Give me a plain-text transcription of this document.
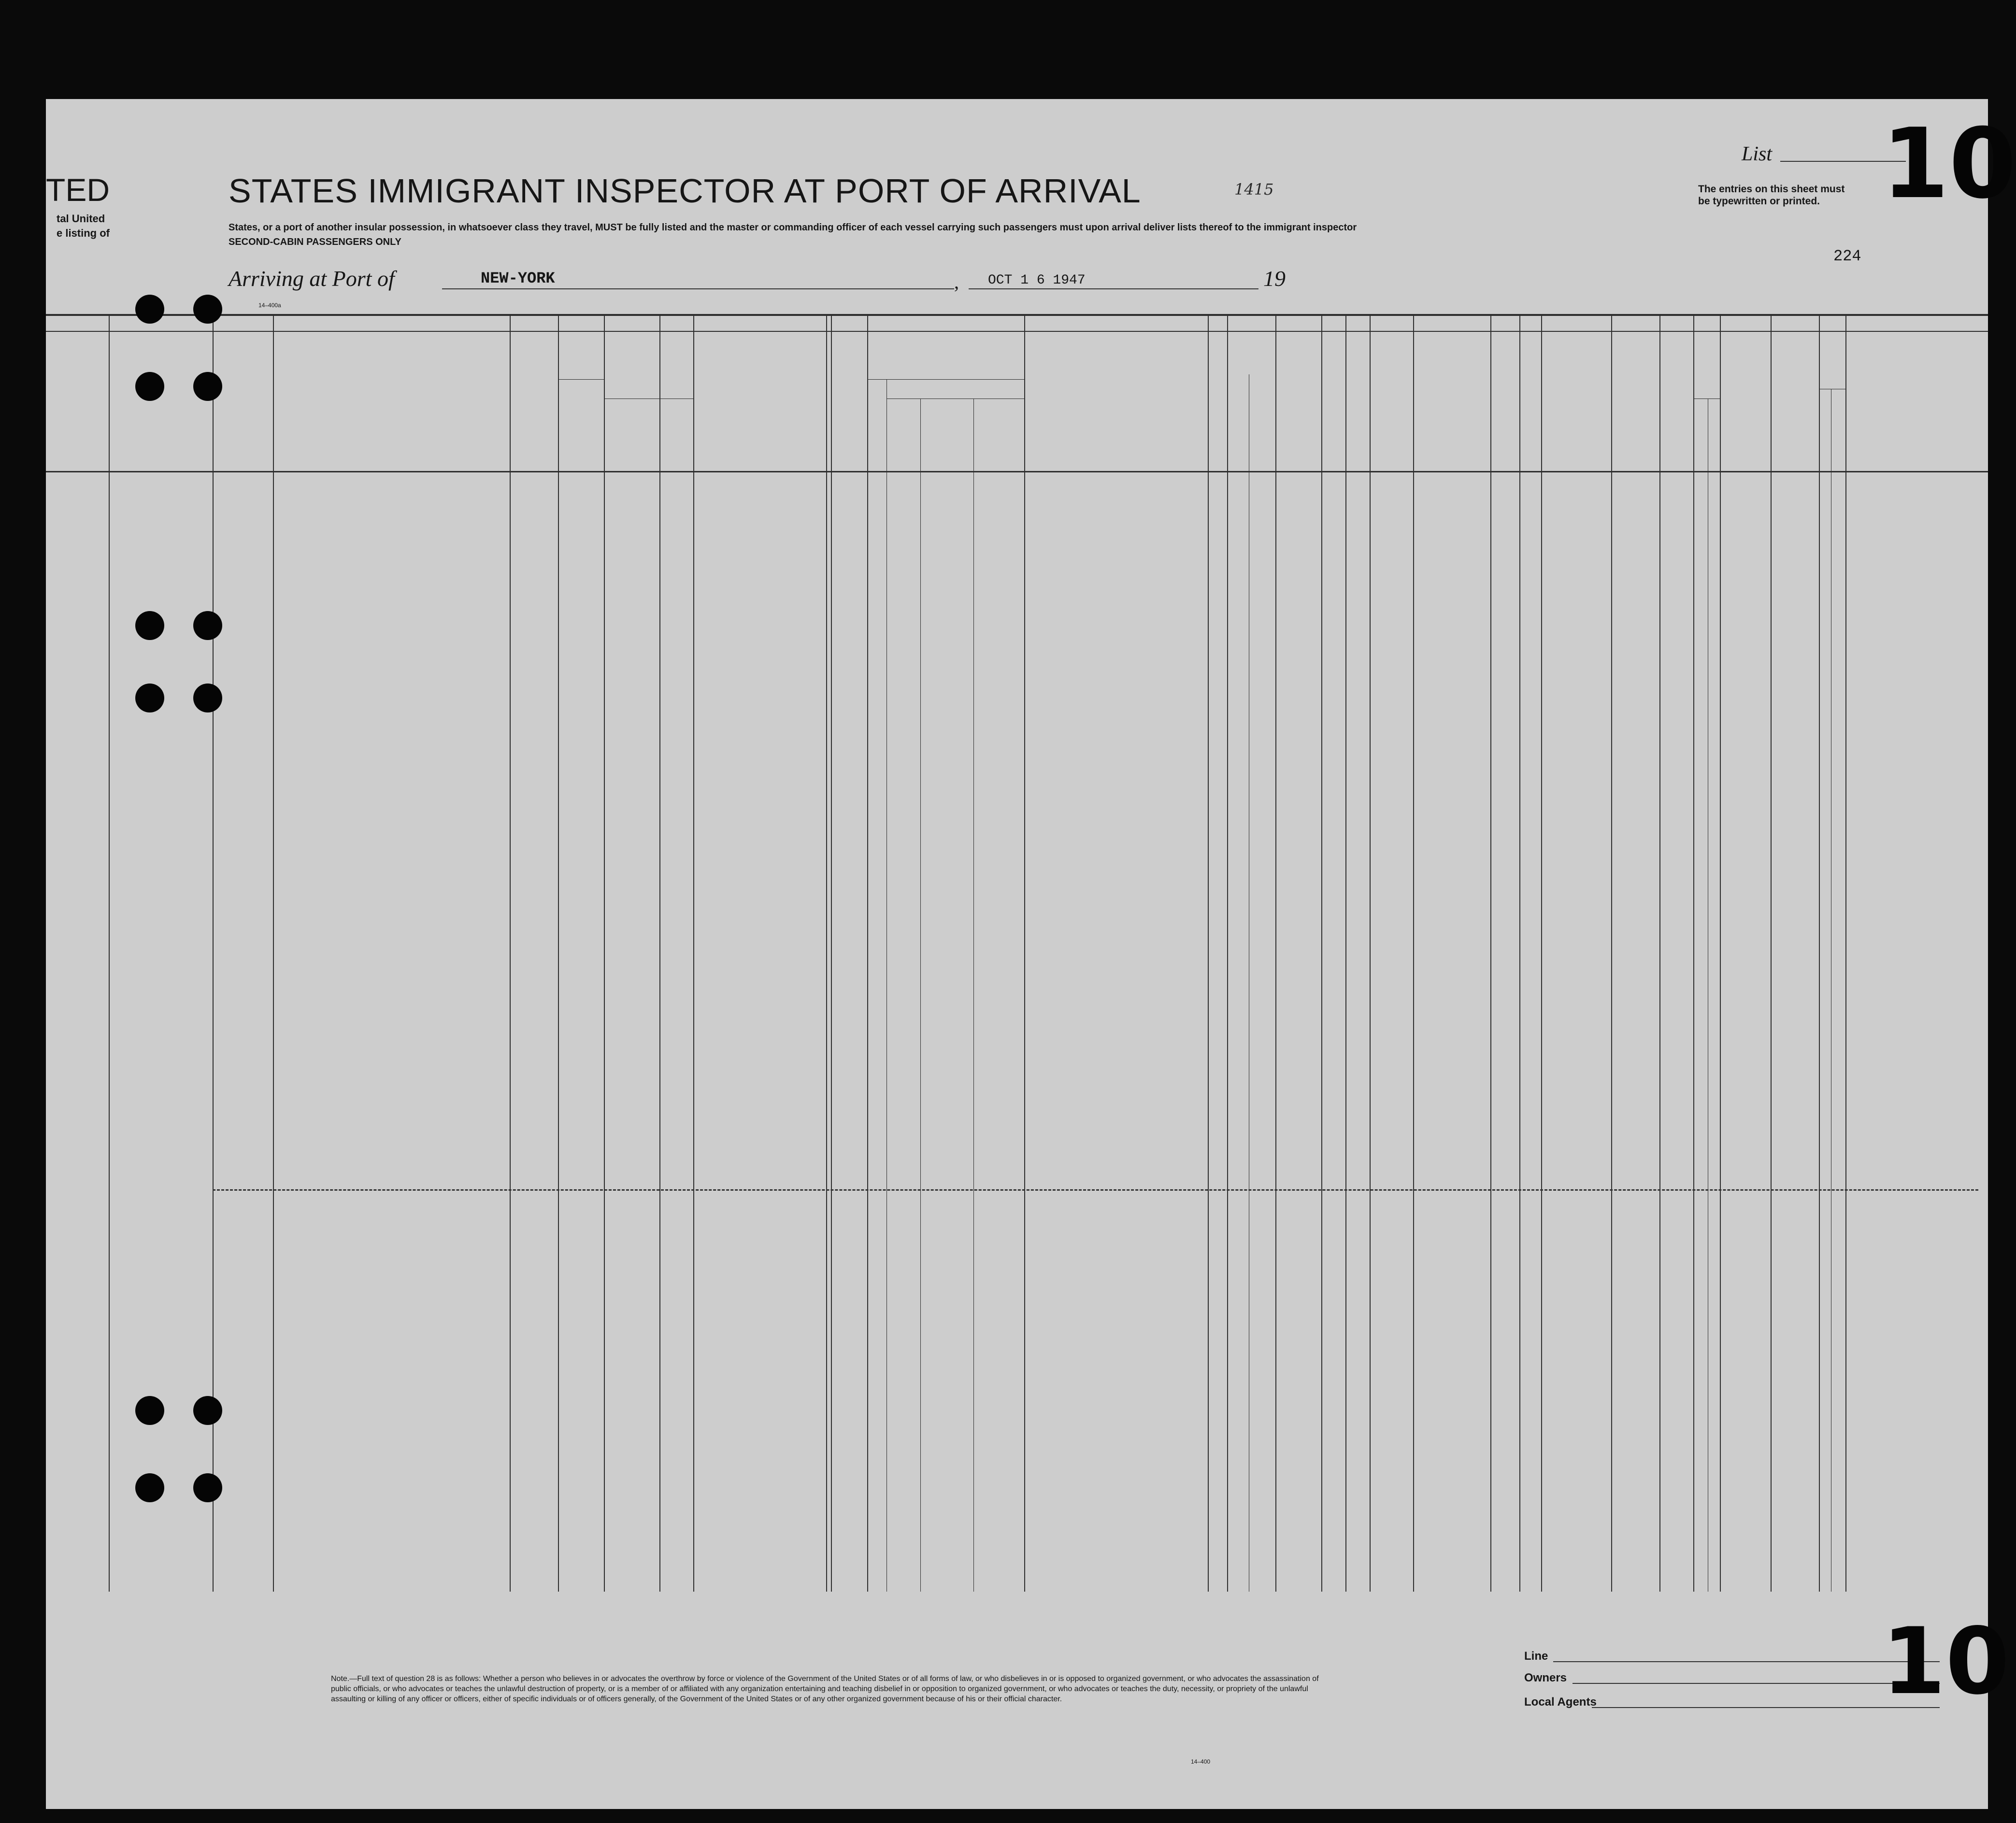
TED
tal United
e listing of
STATES IMMIGRANT INSPECTOR AT PORT OF ARRIVAL	1415
States, or a port of another insular possession, in whatsoever class they travel, MUST be fully listed and the master or commanding officer of each vessel carrying such passengers must upon arrival deliver lists thereof to the immigrant inspector
SECOND-CABIN PASSENGERS ONLY
Arriving at Port of	NEW-YORK	, OCT 1 6 1947	19
List 10
The entries on this sheet must
be typewritten or printed.
224
14–400a
Note.—Full text of question 28 is as follows: Whether a person who believes in or advocates the overthrow by force or violence of the Government of the United States or of all forms of law, or who disbelieves in or is opposed to organized government, or who advocates the assassination of public officials, or who advocates or teaches the unlawful destruction of property, or is a member of or affiliated with any organization entertaining and teaching disbelief in or opposition to organized government, or who advocates or teaches the duty, necessity, or propriety of the unlawful assaulting or killing of any officer or officers, either of specific individuals or of officers generally, of the Government of the United States or of any other organized government because of his or their official character.
14–400
Line
Owners
Local Agents	10
